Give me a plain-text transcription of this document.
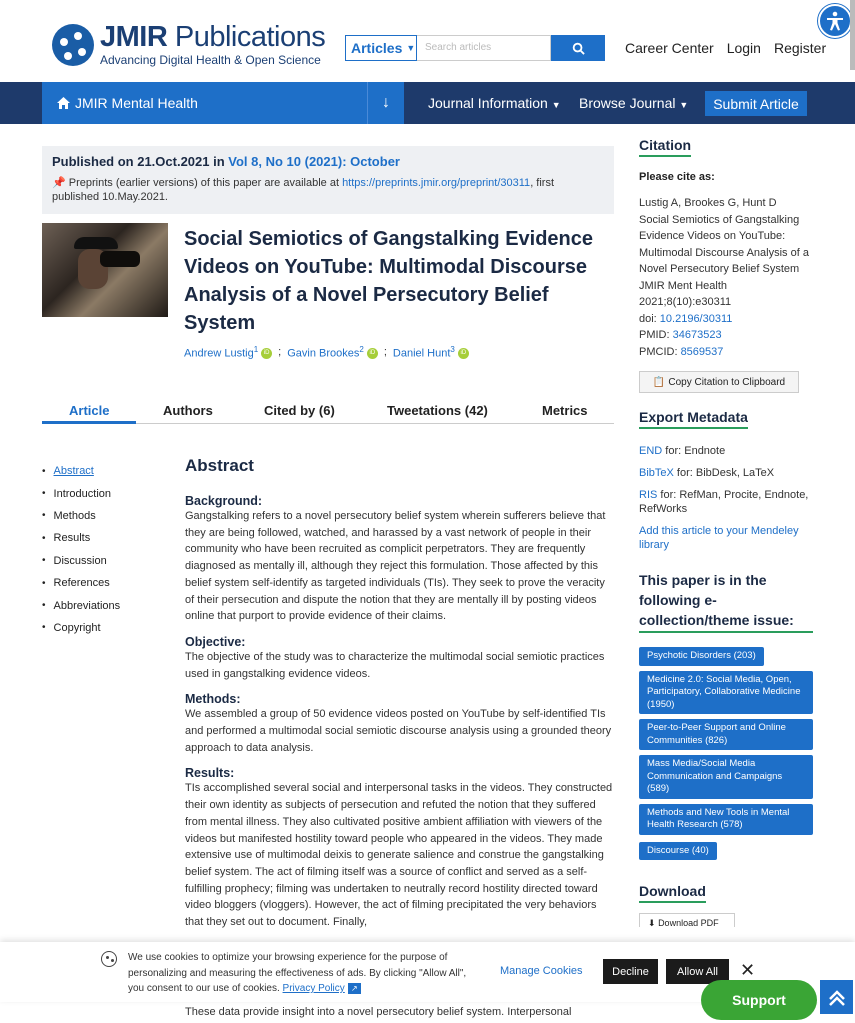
JMIR Publications
Advancing Digital Health & Open Science
Articles ▼ Search articles	Career Center Login Register
JMIR Mental Health	↓	Journal Information ▼ Browse Journal ▼	Submit Article
Published on 21.Oct.2021 in Vol 8, No 10 (2021): October
📌 Preprints (earlier versions) of this paper are available at https://preprints.jmir.org/preprint/30311, first published 10.May.2021.
Social Semiotics of Gangstalking Evidence Videos on YouTube: Multimodal Discourse Analysis of a Novel Persecutory Belief System
Andrew Lustig$^1$ iD ; Gavin Brookes$^2$ iD ; Daniel Hunt$^3$ iD
Article	Authors	Cited by (6)	Tweetations (42)	Metrics
• Abstract
• Introduction
• Methods
• Results
• Discussion
• References
• Abbreviations
• Copyright
Abstract
Background:
Gangstalking refers to a novel persecutory belief system wherein sufferers believe that they are being followed, watched, and harassed by a vast network of people in their community who have been recruited as complicit perpetrators. They are frequently diagnosed as mentally ill, although they reject this formulation. Those affected by this belief system self-identify as targeted individuals (TIs). They seek to prove the veracity of their persecution and dispute the notion that they are mentally ill by posting videos online that purport to provide evidence of their claims.
Objective:
The objective of the study was to characterize the multimodal social semiotic practices used in gangstalking evidence videos.
Methods:
We assembled a group of 50 evidence videos posted on YouTube by self-identified TIs and performed a multimodal social semiotic discourse analysis using a grounded theory approach to data analysis.
Results:
TIs accomplished several social and interpersonal tasks in the videos. They constructed their own identity as subjects of persecution and refuted the notion that they suffered from mental illness. They also cultivated positive ambient affiliation with viewers of the videos but manifested hostility toward people who appeared in the videos. They made extensive use of multimodal deixis to generate salience and construe the gangstalking belief system. The act of filming itself was a source of conflict and served as a self-fulfilling prophecy; filming was undertaken to neutrally record hostility directed toward video bloggers (vloggers). However, the act of filming precipitated the very behaviors that they set out to document. Finally,
These data provide insight into a novel persecutory belief system. Interpersonal
Citation
Please cite as:
Lustig A, Brookes G, Hunt D
Social Semiotics of Gangstalking Evidence Videos on YouTube: Multimodal Discourse Analysis of a Novel Persecutory Belief System
JMIR Ment Health
2021;8(10):e30311
doi: 10.2196/30311
PMID: 34673523
PMCID: 8569537
📋 Copy Citation to Clipboard
Export Metadata
END for: Endnote
BibTeX for: BibDesk, LaTeX
RIS for: RefMan, Procite, Endnote, RefWorks
Add this article to your Mendeley library
This paper is in the following e-collection/theme issue:
Psychotic Disorders (203) Medicine 2.0: Social Media, Open, Participatory, Collaborative Medicine (1950) Peer-to-Peer Support and Online Communities (826) Mass Media/Social Media Communication and Campaigns (589) Methods and New Tools in Mental Health Research (578) Discourse (40)
Download
⬇ Download PDF
We use cookies to optimize your browsing experience for the purpose of personalizing and measuring the effectiveness of ads. By clicking "Allow All", you consent to our use of cookies. Privacy Policy ↗
Manage Cookies	Decline	Allow All	✕
Support
